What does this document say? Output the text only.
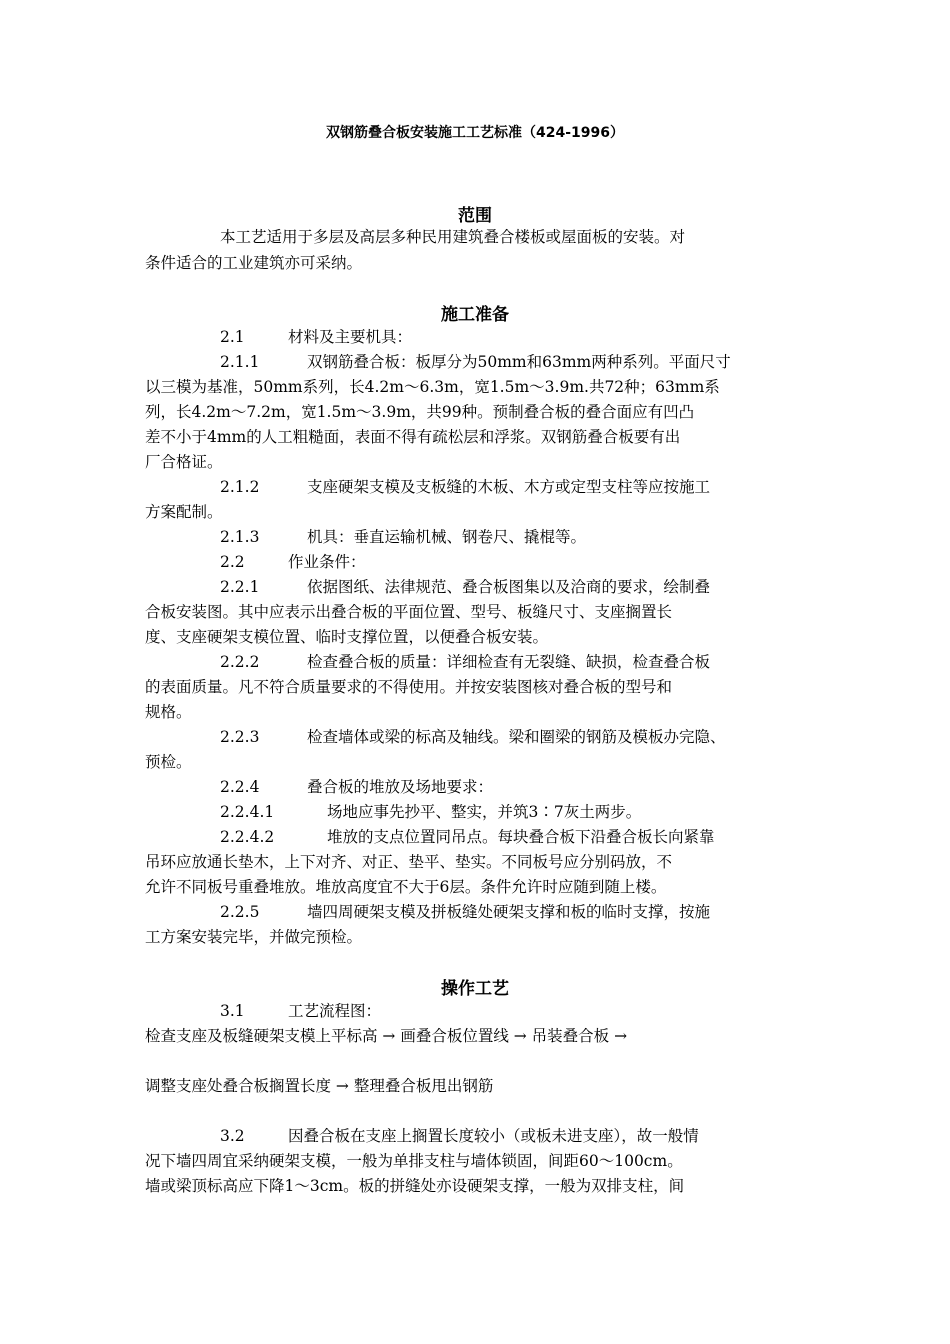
双钢筋叠合板安装施工工艺标准（424-1996）
范围
本工艺适用于多层及高层多种民用建筑叠合楼板或屋面板的安装。对
条件适合的工业建筑亦可采纳。
施工准备
2.1	材料及主要机具：
2.1.1	双钢筋叠合板：板厚分为50mm和63mm两种系列。平面尺寸
以三模为基准，50mm系列，长4.2m～6.3m，宽1.5m～3.9m.共72种；63mm系
列，长4.2m～7.2m，宽1.5m～3.9m，共99种。预制叠合板的叠合面应有凹凸
差不小于4mm的人工粗糙面，表面不得有疏松层和浮浆。双钢筋叠合板要有出
厂合格证。
2.1.2	支座硬架支模及支板缝的木板、木方或定型支柱等应按施工
方案配制。
2.1.3	机具：垂直运输机械、钢卷尺、撬棍等。
2.2	作业条件：
2.2.1	依据图纸、法律规范、叠合板图集以及洽商的要求，绘制叠
合板安装图。其中应表示出叠合板的平面位置、型号、板缝尺寸、支座搁置长
度、支座硬架支模位置、临时支撑位置，以便叠合板安装。
2.2.2	检查叠合板的质量：详细检查有无裂缝、缺损，检查叠合板
的表面质量。凡不符合质量要求的不得使用。并按安装图核对叠合板的型号和
规格。
2.2.3	检查墙体或梁的标高及轴线。梁和圈梁的钢筋及模板办完隐、
预检。
2.2.4	叠合板的堆放及场地要求：
2.2.4.1	场地应事先抄平、整实，并筑3∶7灰土两步。
2.2.4.2	堆放的支点位置同吊点。每块叠合板下沿叠合板长向紧靠
吊环应放通长垫木，上下对齐、对正、垫平、垫实。不同板号应分别码放，不
允许不同板号重叠堆放。堆放高度宜不大于6层。条件允许时应随到随上楼。
2.2.5	墙四周硬架支模及拼板缝处硬架支撑和板的临时支撑，按施
工方案安装完毕，并做完预检。
操作工艺
3.1	工艺流程图：
检查支座及板缝硬架支模上平标高 → 画叠合板位置线 → 吊装叠合板 →
调整支座处叠合板搁置长度 → 整理叠合板甩出钢筋
3.2	因叠合板在支座上搁置长度较小（或板未进支座），故一般情
况下墙四周宜采纳硬架支模，一般为单排支柱与墙体锁固，间距60～100cm。
墙或梁顶标高应下降1～3cm。板的拼缝处亦设硬架支撑，一般为双排支柱，间
